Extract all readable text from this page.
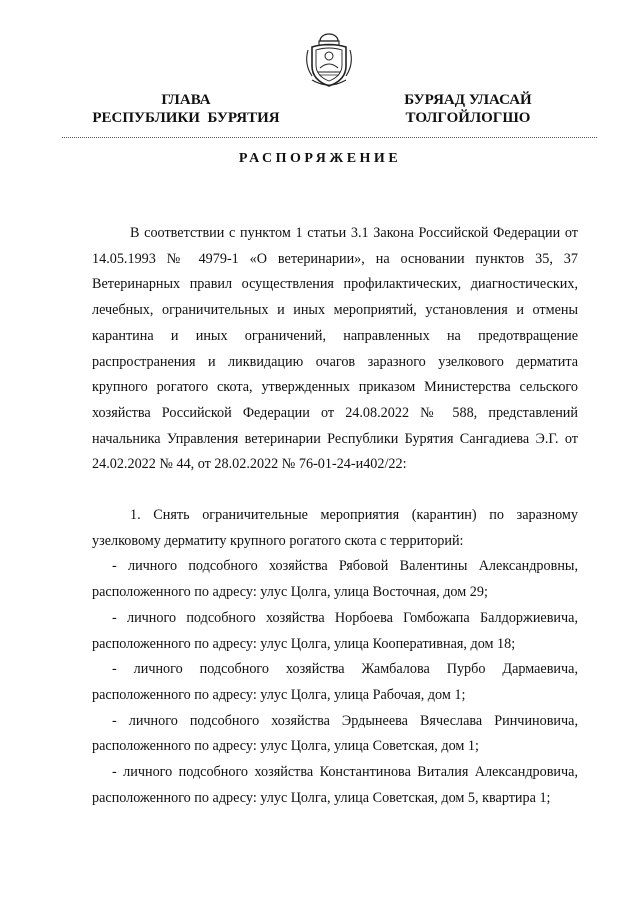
ГЛАВА
РЕСПУБЛИКИ  БУРЯТИЯ
БУРЯАД УЛАСАЙ
ТОЛГОЙЛОГШО
РАСПОРЯЖЕНИЕ

В соответствии с пунктом 1 статьи 3.1 Закона Российской Федерации от 14.05.1993 № 4979-1 «О ветеринарии», на основании пунктов 35, 37 Ветеринарных правил осуществления профилактических, диагностических, лечебных, ограничительных и иных мероприятий, установления и отмены карантина и иных ограничений, направленных на предотвращение распространения и ликвидацию очагов заразного узелкового дерматита крупного рогатого скота, утвержденных приказом Министерства сельского хозяйства Российской Федерации от 24.08.2022 № 588, представлений начальника Управления ветеринарии Республики Бурятия Сангадиева Э.Г. от 24.02.2022 № 44, от 28.02.2022 № 76-01-24-и402/22:

1. Снять ограничительные мероприятия (карантин) по заразному узелковому дерматиту крупного рогатого скота с территорий:

- личного подсобного хозяйства Рябовой Валентины Александровны, расположенного по адресу: улус Цолга, улица Восточная, дом 29;

- личного подсобного хозяйства Норбоева Гомбожапа Балдоржиевича, расположенного по адресу: улус Цолга, улица Кооперативная, дом 18;

- личного подсобного хозяйства Жамбалова Пурбо Дармаевича, расположенного по адресу: улус Цолга, улица Рабочая, дом 1;

- личного подсобного хозяйства Эрдынеева Вячеслава Ринчиновича, расположенного по адресу: улус Цолга, улица Советская, дом 1;

- личного подсобного хозяйства Константинова Виталия Александровича, расположенного по адресу: улус Цолга, улица Советская, дом 5, квартира 1;
